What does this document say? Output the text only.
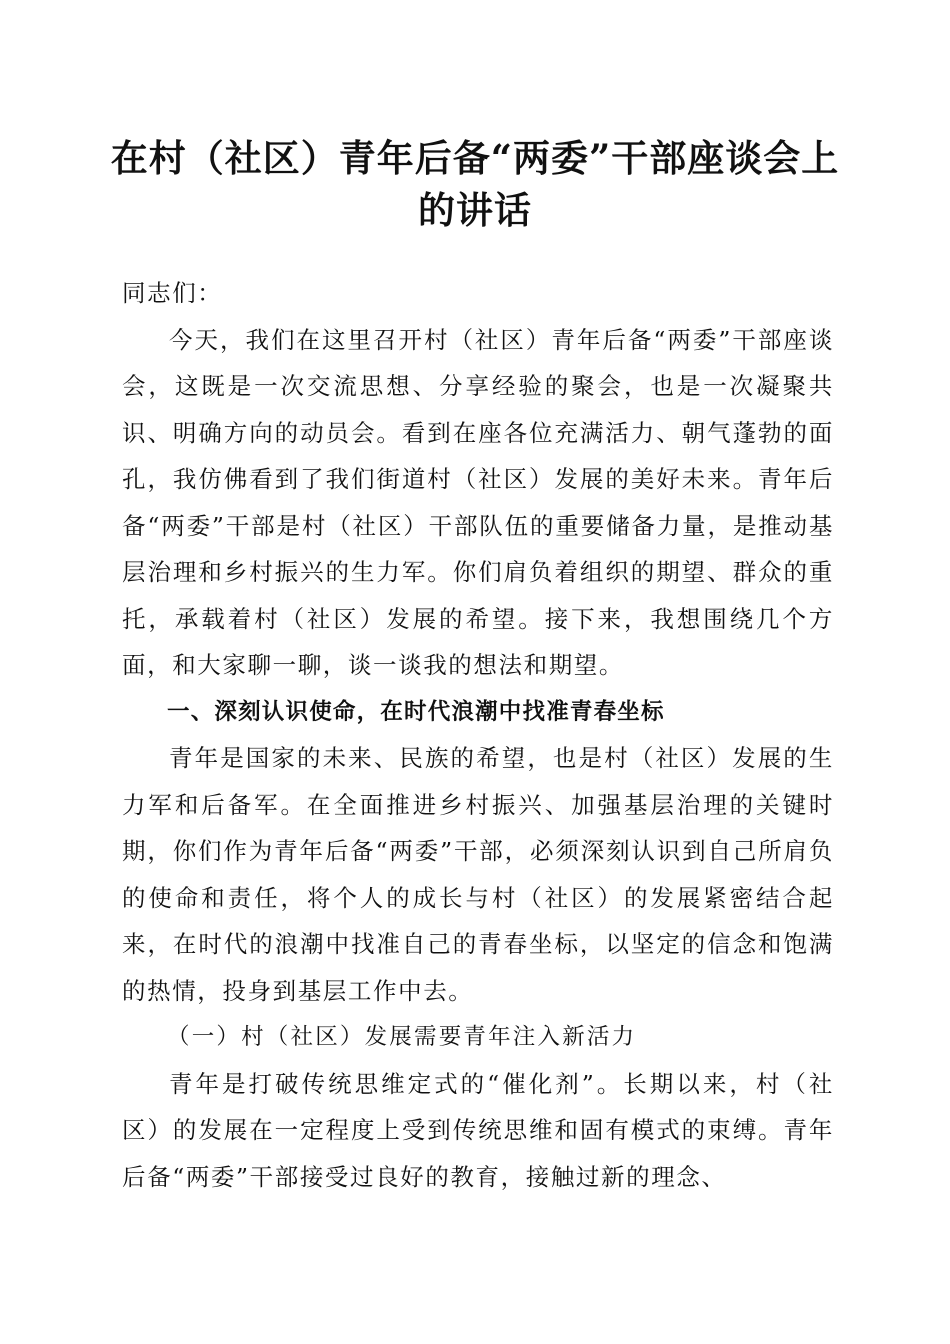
在村（社区）青年后备“两委”干部座谈会上
的讲话

同志们：

今天，我们在这里召开村（社区）青年后备“两委”干部座谈会，这既是一次交流思想、分享经验的聚会，也是一次凝聚共识、明确方向的动员会。看到在座各位充满活力、朝气蓬勃的面孔，我仿佛看到了我们街道村（社区）发展的美好未来。青年后备“两委”干部是村（社区）干部队伍的重要储备力量，是推动基层治理和乡村振兴的生力军。你们肩负着组织的期望、群众的重托，承载着村（社区）发展的希望。接下来，我想围绕几个方面，和大家聊一聊，谈一谈我的想法和期望。

一、深刻认识使命，在时代浪潮中找准青春坐标

青年是国家的未来、民族的希望，也是村（社区）发展的生力军和后备军。在全面推进乡村振兴、加强基层治理的关键时期，你们作为青年后备“两委”干部，必须深刻认识到自己所肩负的使命和责任，将个人的成长与村（社区）的发展紧密结合起来，在时代的浪潮中找准自己的青春坐标，以坚定的信念和饱满的热情，投身到基层工作中去。

（一）村（社区）发展需要青年注入新活力

青年是打破传统思维定式的“催化剂”。长期以来，村（社区）的发展在一定程度上受到传统思维和固有模式的束缚。青年后备“两委”干部接受过良好的教育，接触过新的理念、
